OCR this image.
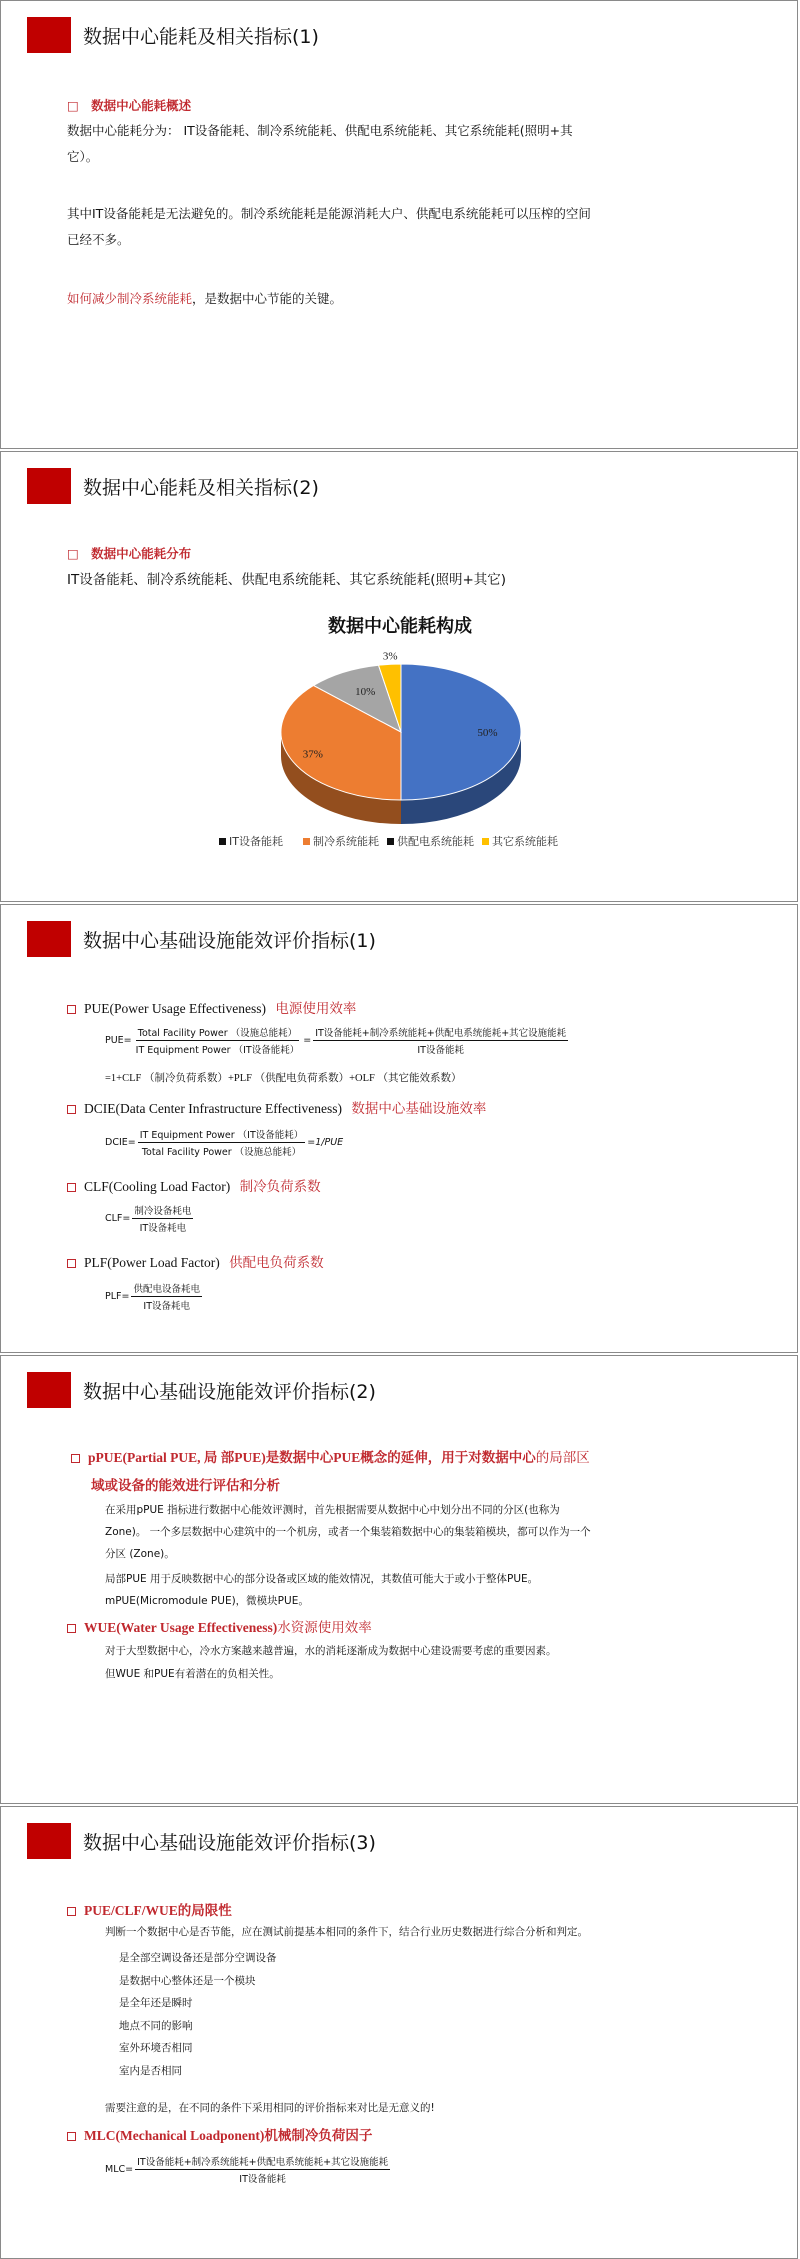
数据中心能耗及相关指标(1)
□ 数据中心能耗概述
数据中心能耗分为： IT设备能耗、制冷系统能耗、供配电系统能耗、其它系统能耗(照明+其
它）。
其中IT设备能耗是无法避免的。制冷系统能耗是能源消耗大户、供配电系统能耗可以压榨的空间
已经不多。
如何减少制冷系统能耗，是数据中心节能的关键。
数据中心能耗及相关指标(2)
□ 数据中心能耗分布
IT设备能耗、制冷系统能耗、供配电系统能耗、其它系统能耗(照明+其它)
数据中心能耗构成
50%
37%
10%
3%
IT设备能耗	制冷系统能耗 供配电系统能耗 其它系统能耗
数据中心基础设施能效评价指标(1)
PUE(Power Usage Effectiveness) 电源使用效率
$PUE= \frac{\text{Total Facility Power （设施总能耗）}}{\text{IT Equipment Power （IT设备能耗）}} = \frac{\text{IT设备能耗+制冷系统能耗+供配电系统能耗+其它设施能耗}}{\text{IT设备能耗}}$
=1+CLF （制冷负荷系数）+PLF （供配电负荷系数）+OLF （其它能效系数）
DCIE(Data Center Infrastructure Effectiveness) 数据中心基础设施效率
DCIE= $\frac{\text{IT Equipment Power （IT设备能耗）}}{\text{Total Facility Power （设施总能耗）}} =1/PUE$
CLF(Cooling Load Factor) 制冷负荷系数
$CLF= \frac{\text{制冷设备耗电}}{\text{IT设备耗电}}$
PLF(Power Load Factor) 供配电负荷系数
$PLF= \frac{\text{供配电设备耗电}}{\text{IT设备耗电}}$
数据中心基础设施能效评价指标(2)
pPUE(Partial PUE, 局 部PUE)是数据中心PUE概念的延伸，用于对数据中心的局部区
域或设备的能效进行评估和分析
在采用pPUE 指标进行数据中心能效评测时，首先根据需要从数据中心中划分出不同的分区(也称为
Zone)。 一个多层数据中心建筑中的一个机房，或者一个集装箱数据中心的集装箱模块，都可以作为一个
分区 (Zone)。
局部PUE 用于反映数据中心的部分设备或区域的能效情况，其数值可能大于或小于整体PUE。
mPUE(Micromodule PUE)，微模块PUE。
WUE(Water Usage Effectiveness)水资源使用效率
对于大型数据中心，冷水方案越来越普遍，水的消耗逐渐成为数据中心建设需要考虑的重要因素。
但WUE 和PUE有着潜在的负相关性。
数据中心基础设施能效评价指标(3)
PUE/CLF/WUE的局限性
判断一个数据中心是否节能，应在测试前提基本相同的条件下，结合行业历史数据进行综合分析和判定。
是全部空调设备还是部分空调设备
是数据中心整体还是一个模块
是全年还是瞬时
地点不同的影响
室外环境否相同
室内是否相同
需要注意的是，在不同的条件下采用相同的评价指标来对比是无意义的!
MLC(Mechanical Loadponent)机械制冷负荷因子
$MLC= \frac{\text{IT设备能耗+制冷系统能耗+供配电系统能耗+其它设施能耗}}{\text{IT设备能耗}}$
